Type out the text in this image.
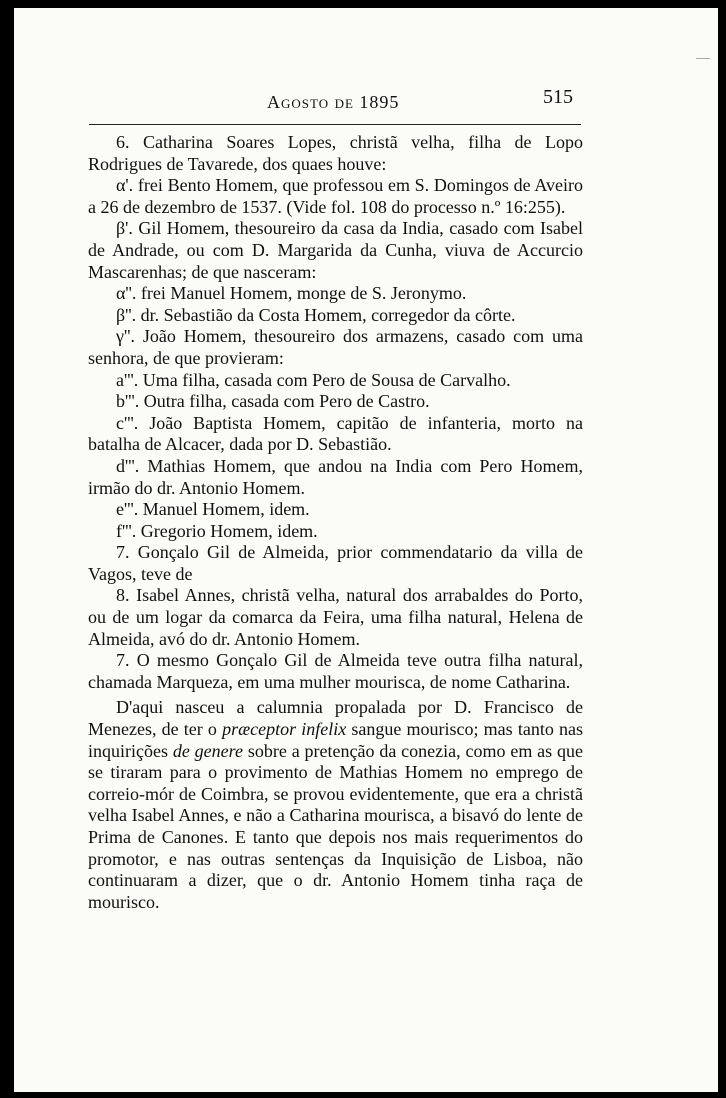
Agosto de 1895	515

6. Catharina Soares Lopes, christã velha, filha de Lopo Rodrigues de Tavarede, dos quaes houve:

α'. frei Bento Homem, que professou em S. Domingos de Aveiro a 26 de dezembro de 1537. (Vide fol. 108 do processo n.º 16:255).

β'. Gil Homem, thesoureiro da casa da India, casado com Isabel de Andrade, ou com D. Margarida da Cunha, viuva de Accurcio Mascarenhas; de que nasceram:

α''. frei Manuel Homem, monge de S. Jeronymo.

β''. dr. Sebastião da Costa Homem, corregedor da côrte.

γ''. João Homem, thesoureiro dos armazens, casado com uma senhora, de que provieram:

a'''. Uma filha, casada com Pero de Sousa de Carvalho.

b'''. Outra filha, casada com Pero de Castro.

c'''. João Baptista Homem, capitão de infanteria, morto na batalha de Alcacer, dada por D. Sebastião.

d'''. Mathias Homem, que andou na India com Pero Homem, irmão do dr. Antonio Homem.

e'''. Manuel Homem, idem.

f'''. Gregorio Homem, idem.

7. Gonçalo Gil de Almeida, prior commendatario da villa de Vagos, teve de

8. Isabel Annes, christã velha, natural dos arrabaldes do Porto, ou de um logar da comarca da Feira, uma filha natural, Helena de Almeida, avó do dr. Antonio Homem.

7. O mesmo Gonçalo Gil de Almeida teve outra filha natural, chamada Marqueza, em uma mulher mourisca, de nome Catharina.

D'aqui nasceu a calumnia propalada por D. Francisco de Menezes, de ter o præceptor infelix sangue mourisco; mas tanto nas inquirições de genere sobre a pretenção da conezia, como em as que se tiraram para o provimento de Mathias Homem no emprego de correio-mór de Coimbra, se provou evidentemente, que era a christã velha Isabel Annes, e não a Catharina mourisca, a bisavó do lente de Prima de Canones. E tanto que depois nos mais requerimentos do promotor, e nas outras sentenças da Inquisição de Lisboa, não continuaram a dizer, que o dr. Antonio Homem tinha raça de mourisco.
